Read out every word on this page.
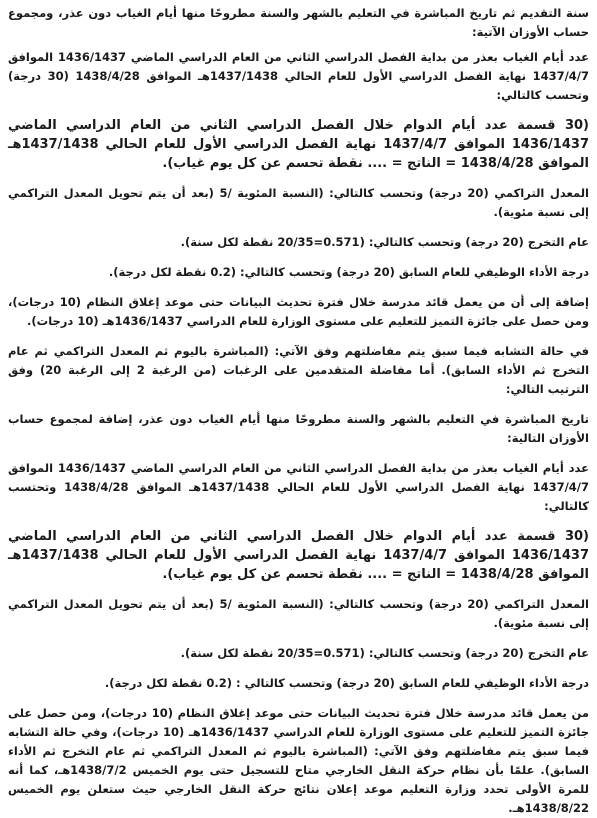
سنة التقديم ثم تاريخ المباشرة في التعليم بالشهر والسنة مطروحًا منها أيام الغياب دون عذر، ومجموع حساب الأوزان الآتية:

عدد أيام الغياب بعذر من بداية الفصل الدراسي الثاني من العام الدراسي الماضي 1436/1437 الموافق 1437/4/7 نهاية الفصل الدراسي الأول للعام الحالي 1437/1438هـ الموافق 1438/4/28 (30 درجة) وتحسب كالتالي:

(30 قسمة عدد أيام الدوام خلال الفصل الدراسي الثاني من العام الدراسي الماضي 1436/1437 الموافق 1437/4/7 نهاية الفصل الدراسي الأول للعام الحالي 1437/1438هـ الموافق 1438/4/28 = الناتج = .... نقطة تحسم عن كل يوم غياب).

المعدل التراكمي (20 درجة) وتحسب كالتالي: (النسبة المئوية /5 (بعد أن يتم تحويل المعدل التراكمي إلى نسبة مئوية).

عام التخرج (20 درجة) وتحسب كالتالي: (0.571=20/35 نقطة لكل سنة).

درجة الأداء الوظيفي للعام السابق (20 درجة) وتحسب كالتالي: (0.2 نقطة لكل درجة).

إضافة إلى أن من يعمل قائد مدرسة خلال فترة تحديث البيانات حتى موعد إغلاق النظام (10 درجات)، ومن حصل على جائزة التميز للتعليم على مستوى الوزارة للعام الدراسي 1436/1437هـ (10 درجات).

في حالة التشابه فيما سبق يتم مفاضلتهم وفق الآتي: (المباشرة باليوم ثم المعدل التراكمي ثم عام التخرج ثم الأداء السابق). أما مفاضلة المتقدمين على الرغبات (من الرغبة 2 إلى الرغبة 20) وفق الترتيب التالي:

تاريخ المباشرة في التعليم بالشهر والسنة مطروحًا منها أيام الغياب دون عذر، إضافة لمجموع حساب الأوزان التالية:

عدد أيام الغياب بعذر من بداية الفصل الدراسي الثاني من العام الدراسي الماضي 1436/1437 الموافق 1437/4/7 نهاية الفصل الدراسي الأول للعام الحالي 1437/1438هـ الموافق 1438/4/28 وتحتسب كالتالي:

(30 قسمة عدد أيام الدوام خلال الفصل الدراسي الثاني من العام الدراسي الماضي 1436/1437 الموافق 1437/4/7 نهاية الفصل الدراسي الأول للعام الحالي 1437/1438هـ الموافق 1438/4/28 = الناتج = .... نقطة تحسم عن كل يوم غياب).

المعدل التراكمي (20 درجة) وتحسب كالتالي: (النسبة المئوية /5 (بعد أن يتم تحويل المعدل التراكمي إلى نسبة مئوية).

عام التخرج (20 درجة) وتحسب كالتالي: (0.571=20/35 نقطة لكل سنة).

درجة الأداء الوظيفي للعام السابق (20 درجة) وتحسب كالتالي : (0.2 نقطة لكل درجة).

من يعمل قائد مدرسة خلال فترة تحديث البيانات حتى موعد إغلاق النظام (10 درجات)، ومن حصل على جائزة التميز للتعليم على مستوى الوزارة للعام الدراسي 1436/1437هـ (10 درجات)، وفي حالة التشابه فيما سبق يتم مفاضلتهم وفق الآتي: (المباشرة باليوم ثم المعدل التراكمي ثم عام التخرج ثم الأداء السابق). علمًا بأن نظام حركة النقل الخارجي متاح للتسجيل حتى يوم الخميس 1438/7/2هـ، كما أنه للمرة الأولى تحدد وزارة التعليم موعد إعلان نتائج حركة النقل الخارجي حيث ستعلن يوم الخميس 1438/8/22هـ.
